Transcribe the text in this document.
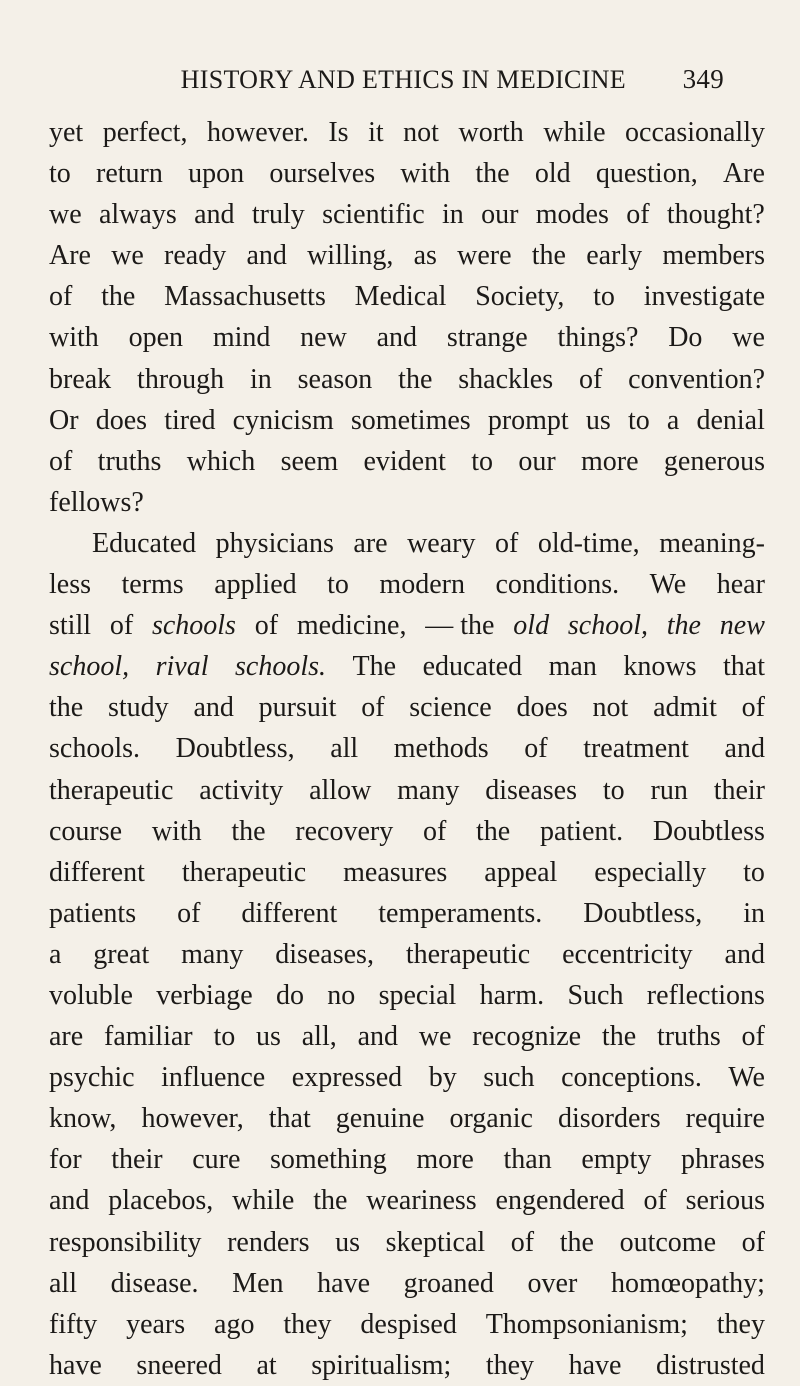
HISTORY AND ETHICS IN MEDICINE	349
yet perfect, however. Is it not worth while occasionally
to return upon ourselves with the old question, Are
we always and truly scientific in our modes of thought?
Are we ready and willing, as were the early members
of the Massachusetts Medical Society, to investigate
with open mind new and strange things? Do we
break through in season the shackles of convention?
Or does tired cynicism sometimes prompt us to a denial
of truths which seem evident to our more generous
fellows?
Educated physicians are weary of old-time, meaning-
less terms applied to modern conditions. We hear
still of schools of medicine, — the old school, the new
school, rival schools. The educated man knows that
the study and pursuit of science does not admit of
schools. Doubtless, all methods of treatment and
therapeutic activity allow many diseases to run their
course with the recovery of the patient. Doubtless
different therapeutic measures appeal especially to
patients of different temperaments. Doubtless, in
a great many diseases, therapeutic eccentricity and
voluble verbiage do no special harm. Such reflections
are familiar to us all, and we recognize the truths of
psychic influence expressed by such conceptions. We
know, however, that genuine organic disorders require
for their cure something more than empty phrases
and placebos, while the weariness engendered of serious
responsibility renders us skeptical of the outcome of
all disease. Men have groaned over homœopathy;
fifty years ago they despised Thompsonianism; they
have sneered at spiritualism; they have distrusted
